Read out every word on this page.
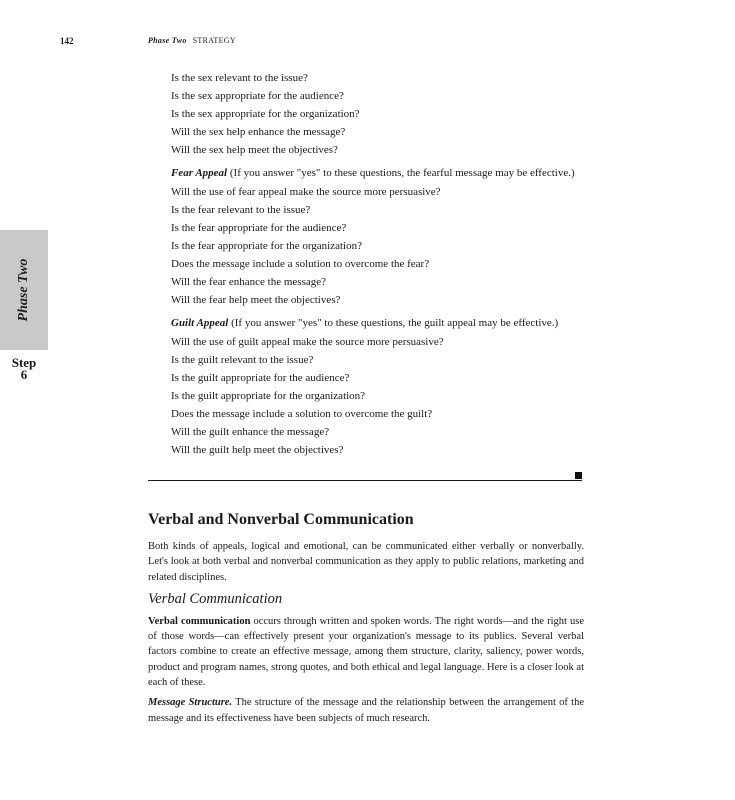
142	Phase Two STRATEGY
Phase Two
Step
6
Is the sex relevant to the issue?
Is the sex appropriate for the audience?
Is the sex appropriate for the organization?
Will the sex help enhance the message?
Will the sex help meet the objectives?
Fear Appeal (If you answer "yes" to these questions, the fearful message may be effective.)
Will the use of fear appeal make the source more persuasive?
Is the fear relevant to the issue?
Is the fear appropriate for the audience?
Is the fear appropriate for the organization?
Does the message include a solution to overcome the fear?
Will the fear enhance the message?
Will the fear help meet the objectives?
Guilt Appeal (If you answer "yes" to these questions, the guilt appeal may be effective.)
Will the use of guilt appeal make the source more persuasive?
Is the guilt relevant to the issue?
Is the guilt appropriate for the audience?
Is the guilt appropriate for the organization?
Does the message include a solution to overcome the guilt?
Will the guilt enhance the message?
Will the guilt help meet the objectives?
Verbal and Nonverbal Communication

Both kinds of appeals, logical and emotional, can be communicated either verbally or nonverbally. Let's look at both verbal and nonverbal communication as they apply to public relations, marketing and related disciplines.

Verbal Communication

Verbal communication occurs through written and spoken words. The right words—and the right use of those words—can effectively present your organization's message to its publics. Several verbal factors combine to create an effective message, among them structure, clarity, saliency, power words, product and program names, strong quotes, and both ethical and legal language. Here is a closer look at each of these.

Message Structure. The structure of the message and the relationship between the arrangement of the message and its effectiveness have been subjects of much research.
